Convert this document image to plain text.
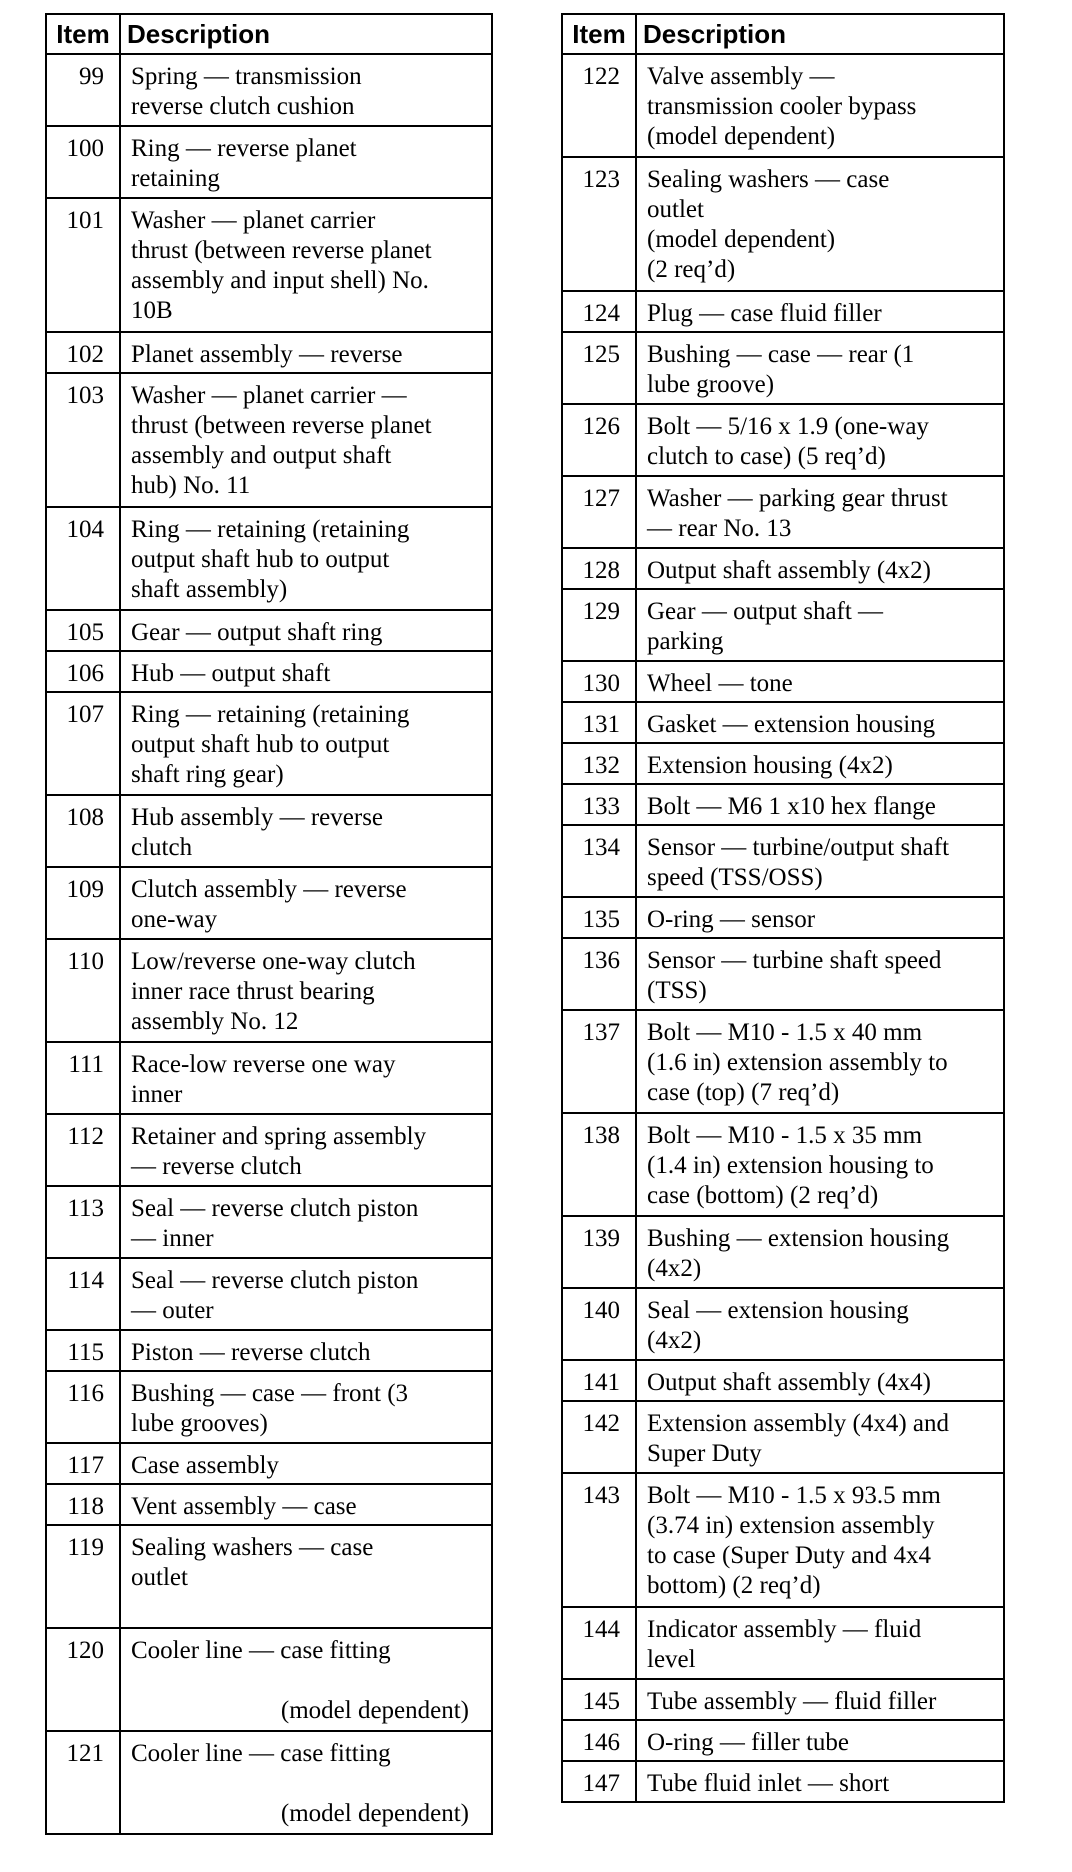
Item	Description
99	Spring — transmission
reverse clutch cushion
100	Ring — reverse planet
retaining
101	Washer — planet carrier
thrust (between reverse planet
assembly and input shell) No.
10B
102	Planet assembly — reverse
103	Washer — planet carrier —
thrust (between reverse planet
assembly and output shaft
hub) No. 11
104	Ring — retaining (retaining
output shaft hub to output
shaft assembly)
105	Gear — output shaft ring
106	Hub — output shaft
107	Ring — retaining (retaining
output shaft hub to output
shaft ring gear)
108	Hub assembly — reverse
clutch
109	Clutch assembly — reverse
one-way
110	Low/reverse one-way clutch
inner race thrust bearing
assembly No. 12
111	Race-low reverse one way
inner
112	Retainer and spring assembly
— reverse clutch
113	Seal — reverse clutch piston
— inner
114	Seal — reverse clutch piston
— outer
115	Piston — reverse clutch
116	Bushing — case — front (3
lube grooves)
117	Case assembly
118	Vent assembly — case
119	Sealing washers — case
outlet
120	Cooler line — case fitting
(model dependent)

121	Cooler line — case fitting
(model dependent)
Item	Description
122	Valve assembly —
transmission cooler bypass
(model dependent)
123	Sealing washers — case
outlet
(model dependent)
(2 req’d)
124	Plug — case fluid filler
125	Bushing — case — rear (1
lube groove)
126	Bolt — 5/16 x 1.9 (one-way
clutch to case) (5 req’d)
127	Washer — parking gear thrust
— rear No. 13
128	Output shaft assembly (4x2)
129	Gear — output shaft —
parking
130	Wheel — tone
131	Gasket — extension housing
132	Extension housing (4x2)
133	Bolt — M6 1 x10 hex flange
134	Sensor — turbine/output shaft
speed (TSS/OSS)
135	O-ring — sensor
136	Sensor — turbine shaft speed
(TSS)
137	Bolt — M10 - 1.5 x 40 mm
(1.6 in) extension assembly to
case (top) (7 req’d)
138	Bolt — M10 - 1.5 x 35 mm
(1.4 in) extension housing to
case (bottom) (2 req’d)
139	Bushing — extension housing
(4x2)
140	Seal — extension housing
(4x2)
141	Output shaft assembly (4x4)
142	Extension assembly (4x4) and
Super Duty
143	Bolt — M10 - 1.5 x 93.5 mm
(3.74 in) extension assembly
to case (Super Duty and 4x4
bottom) (2 req’d)
144	Indicator assembly — fluid
level
145	Tube assembly — fluid filler
146	O-ring — filler tube
147	Tube fluid inlet — short
